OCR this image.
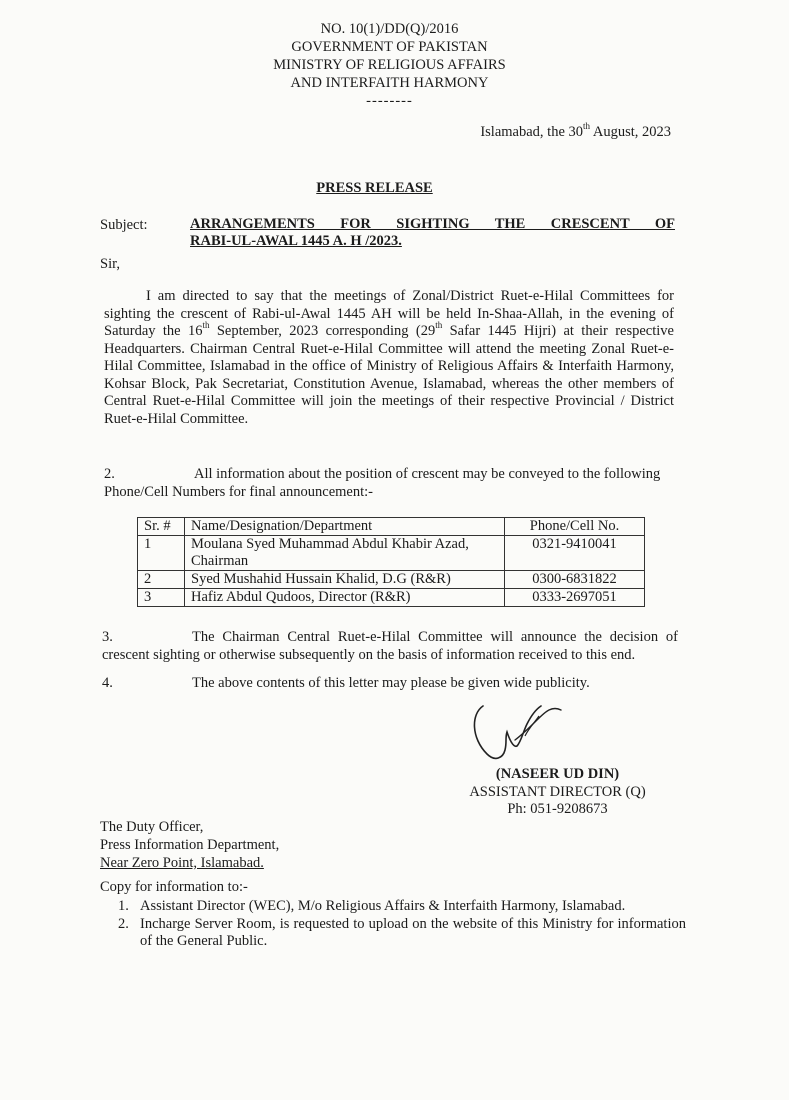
NO. 10(1)/DD(Q)/2016
GOVERNMENT OF PAKISTAN
MINISTRY OF RELIGIOUS AFFAIRS
AND INTERFAITH HARMONY
--------
Islamabad, the 30th August, 2023
PRESS RELEASE
Subject:	ARRANGEMENTS FOR SIGHTING THE CRESCENT OF
RABI-UL-AWAL 1445 A. H /2023.
Sir,
I am directed to say that the meetings of Zonal/District Ruet-e-Hilal Committees for sighting the crescent of Rabi-ul-Awal 1445 AH will be held In-Shaa-Allah, in the evening of Saturday the 16th September, 2023 corresponding (29th Safar 1445 Hijri) at their respective Headquarters. Chairman Central Ruet-e-Hilal Committee will attend the meeting Zonal Ruet-e-Hilal Committee, Islamabad in the office of Ministry of Religious Affairs & Interfaith Harmony, Kohsar Block, Pak Secretariat, Constitution Avenue, Islamabad, whereas the other members of Central Ruet-e-Hilal Committee will join the meetings of their respective Provincial / District Ruet-e-Hilal Committee.
2.	All information about the position of crescent may be conveyed to the following Phone/Cell Numbers for final announcement:-
Sr. #	Name/Designation/Department	Phone/Cell No.
1	Moulana Syed Muhammad Abdul Khabir Azad, Chairman	0321-9410041
2	Syed Mushahid Hussain Khalid, D.G (R&R)	0300-6831822
3	Hafiz Abdul Qudoos, Director (R&R)	0333-2697051
3.	The Chairman Central Ruet-e-Hilal Committee will announce the decision of crescent sighting or otherwise subsequently on the basis of information received to this end.
4.	The above contents of this letter may please be given wide publicity.
(NASEER UD DIN)
ASSISTANT DIRECTOR (Q)
Ph: 051-9208673
The Duty Officer,
Press Information Department,
Near Zero Point, Islamabad.
Copy for information to:-
1. Assistant Director (WEC), M/o Religious Affairs & Interfaith Harmony, Islamabad.
2. Incharge Server Room, is requested to upload on the website of this Ministry for information of the General Public.
